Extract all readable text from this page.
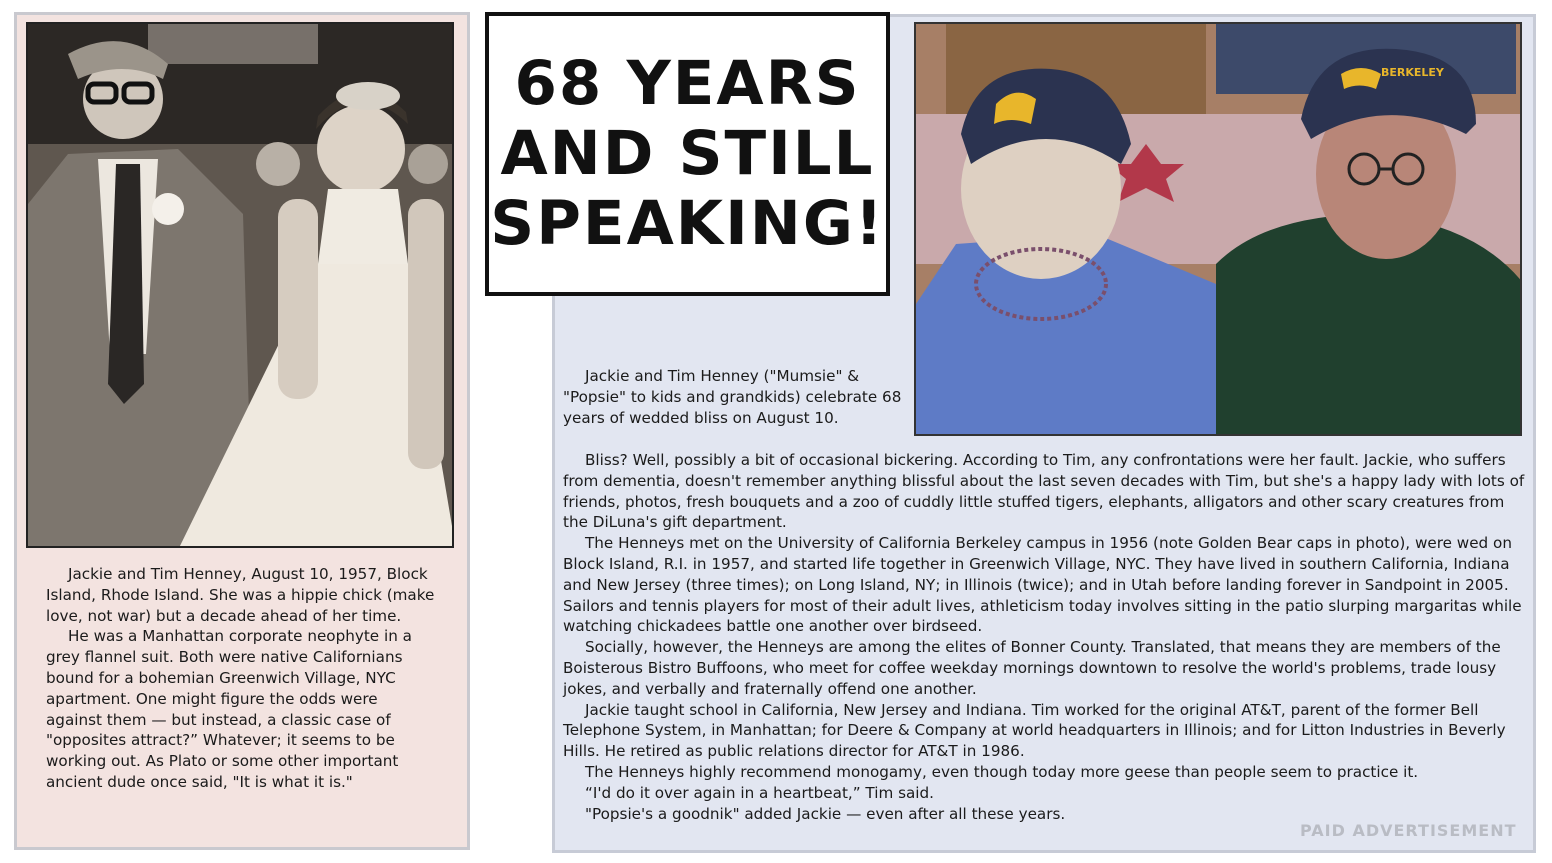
Jackie and Tim Henney, August 10, 1957, Block Island, Rhode Island. She was a hippie chick (make love, not war) but a decade ahead of her time.

He was a Manhattan corporate neophyte in a grey flannel suit. Both were native Californians bound for a bohemian Greenwich Village, NYC apartment. One might figure the odds were against them — but instead, a classic case of "opposites attract?” Whatever; it seems to be working out. As Plato or some other important ancient dude once said, "It is what it is."

68 YEARS
AND STILL
SPEAKING!
BERKELEY

Jackie and Tim Henney ("Mumsie" & "Popsie" to kids and grandkids) celebrate 68 years of wedded bliss on August 10.

Bliss? Well, possibly a bit of occasional bickering. According to Tim, any confrontations were her fault. Jackie, who suffers from dementia, doesn't remember anything blissful about the last seven decades with Tim, but she's a happy lady with lots of friends, photos, fresh bouquets and a zoo of cuddly little stuffed tigers, elephants, alligators and other scary creatures from the DiLuna's gift department.

The Henneys met on the University of California Berkeley campus in 1956 (note Golden Bear caps in photo), were wed on Block Island, R.I. in 1957, and started life together in Greenwich Village, NYC. They have lived in southern California, Indiana and New Jersey (three times); on Long Island, NY; in Illinois (twice); and in Utah before landing forever in Sandpoint in 2005. Sailors and tennis players for most of their adult lives, athleticism today involves sitting in the patio slurping margaritas while watching chickadees battle one another over birdseed.

Socially, however, the Henneys are among the elites of Bonner County. Translated, that means they are members of the Boisterous Bistro Buffoons, who meet for coffee weekday mornings downtown to resolve the world's problems, trade lousy jokes, and verbally and fraternally offend one another.

Jackie taught school in California, New Jersey and Indiana. Tim worked for the original AT&T, parent of the former Bell Telephone System, in Manhattan; for Deere & Company at world headquarters in Illinois; and for Litton Industries in Beverly Hills. He retired as public relations director for AT&T in 1986.

The Henneys highly recommend monogamy, even though today more geese than people seem to practice it.

“I'd do it over again in a heartbeat,” Tim said.

"Popsie's a goodnik" added Jackie — even after all these years.

PAID ADVERTISEMENT
